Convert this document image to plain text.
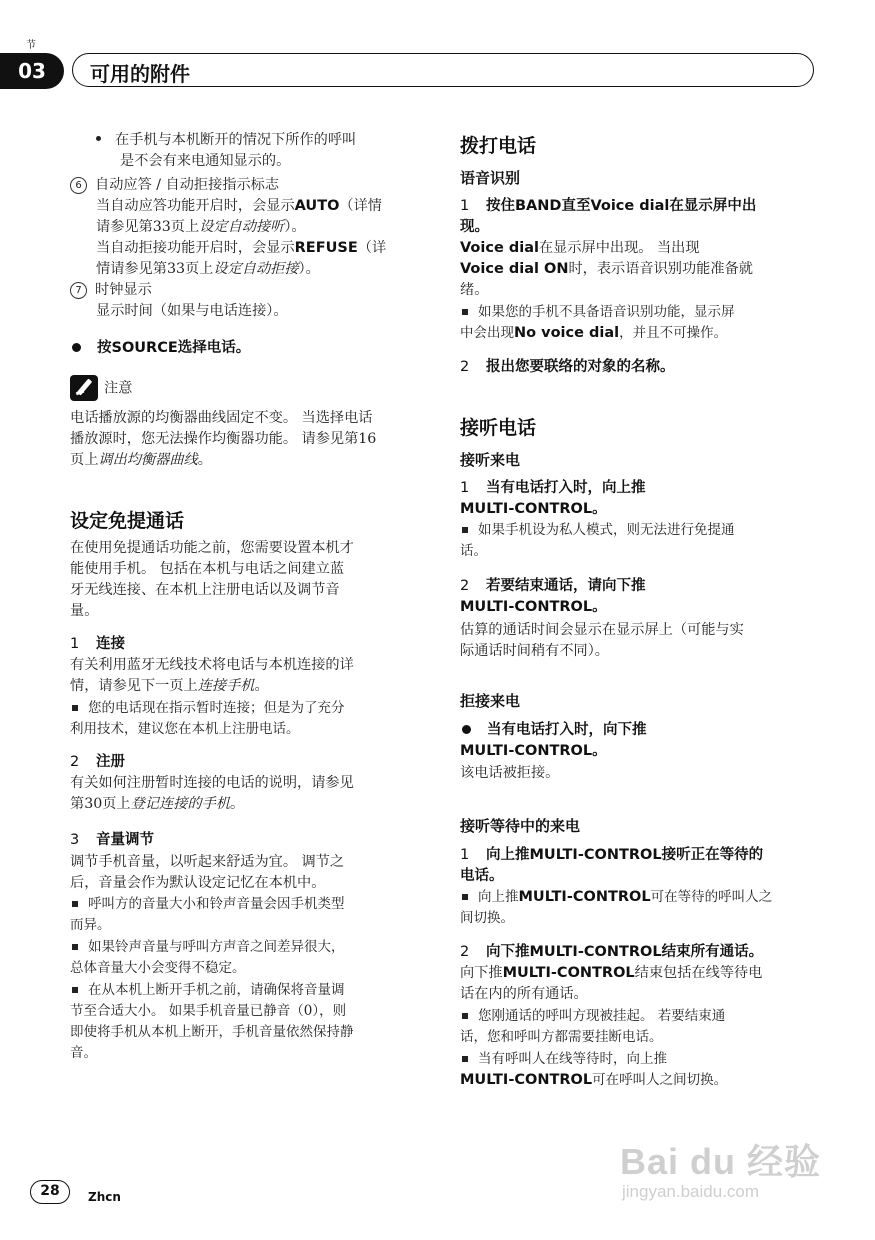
节
03	可用的附件
在手机与本机断开的情况下所作的呼叫
是不会有来电通知显示的。
6 自动应答 / 自动拒接指示标志
当自动应答功能开启时，会显示AUTO（详情
请参见第33页上设定自动接听）。
当自动拒接功能开启时，会显示REFUSE（详
情请参见第33页上设定自动拒接）。
7 时钟显示
显示时间（如果与电话连接）。
按SOURCE选择电话。
注意
电话播放源的均衡器曲线固定不变。 当选择电话
播放源时，您无法操作均衡器功能。 请参见第16
页上调出均衡器曲线。
设定免提通话
在使用免提通话功能之前，您需要设置本机才
能使用手机。 包括在本机与电话之间建立蓝
牙无线连接、在本机上注册电话以及调节音
量。
1 连接
有关利用蓝牙无线技术将电话与本机连接的详
情，请参见下一页上连接手机。
您的电话现在指示暂时连接；但是为了充分
利用技术，建议您在本机上注册电话。
2 注册
有关如何注册暂时连接的电话的说明，请参见
第30页上登记连接的手机。
3 音量调节
调节手机音量，以听起来舒适为宜。 调节之
后，音量会作为默认设定记忆在本机中。
呼叫方的音量大小和铃声音量会因手机类型
而异。
如果铃声音量与呼叫方声音之间差异很大，
总体音量大小会变得不稳定。
在从本机上断开手机之前，请确保将音量调
节至合适大小。 如果手机音量已静音（0），则
即使将手机从本机上断开，手机音量依然保持静
音。
拨打电话
语音识别
1 按住BAND直至Voice dial在显示屏中出
现。
Voice dial在显示屏中出现。 当出现
Voice dial ON时，表示语音识别功能准备就
绪。
如果您的手机不具备语音识别功能，显示屏
中会出现No voice dial，并且不可操作。
2 报出您要联络的对象的名称。
接听电话
接听来电
1 当有电话打入时，向上推
MULTI-CONTROL。
如果手机设为私人模式，则无法进行免提通
话。
2 若要结束通话，请向下推
MULTI-CONTROL。
估算的通话时间会显示在显示屏上（可能与实
际通话时间稍有不同）。
拒接来电
当有电话打入时，向下推
MULTI-CONTROL。
该电话被拒接。
接听等待中的来电
1 向上推MULTI-CONTROL接听正在等待的
电话。
向上推MULTI-CONTROL可在等待的呼叫人之
间切换。
2 向下推MULTI-CONTROL结束所有通话。
向下推MULTI-CONTROL结束包括在线等待电
话在内的所有通话。
您刚通话的呼叫方现被挂起。 若要结束通
话，您和呼叫方都需要挂断电话。
当有呼叫人在线等待时，向上推
MULTI-CONTROL可在呼叫人之间切换。
28	Zhcn
Bai du 经验
jingyan.baidu.com
